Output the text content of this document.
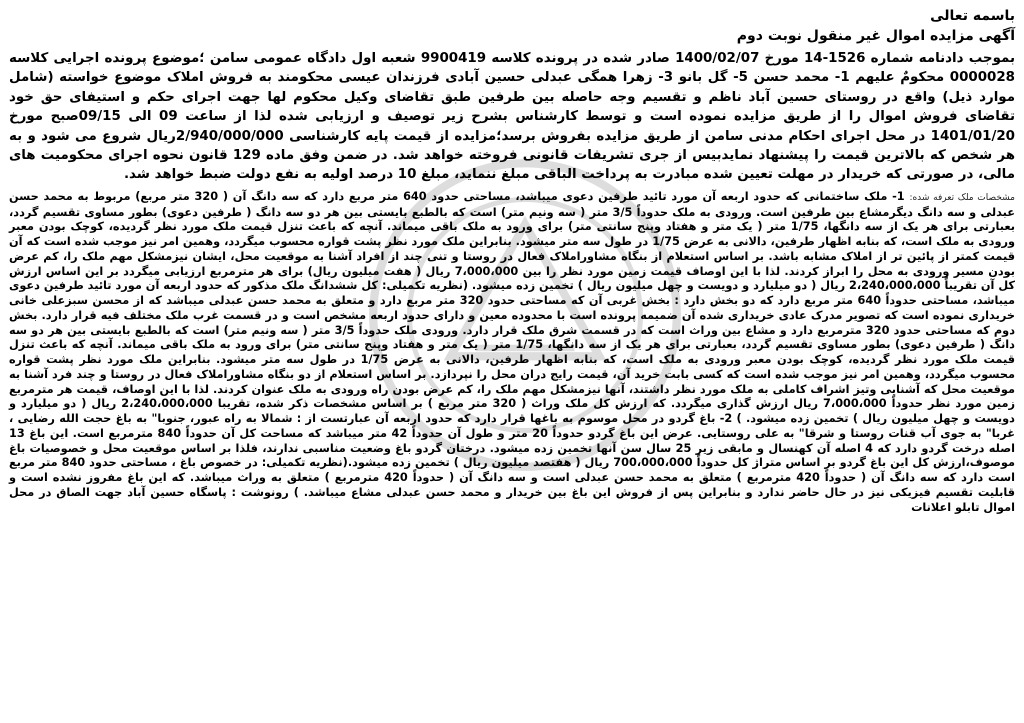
باسمه تعالی
آگهی مزایده اموال غیر منقول نوبت دوم
بموجب دادنامه شماره 1526-14 مورخ 1400/02/07 صادر شده در پرونده کلاسه 9900419 شعبه اول دادگاه عمومی سامن ؛موضوع پرونده اجرایی کلاسه 0000028 محکومٌ علیهم 1- محمد حسن 5- گل بانو 3- زهرا همگی عبدلی حسین آبادی فرزندان عیسی محکومند به فروش املاک موضوع خواسته (شامل موارد ذیل) واقع در روستای حسین آباد ناظم و تقسیم وجه حاصله بین طرفین طبق تقاضای وکیل محکوم لها جهت اجرای حکم و استیفای حق خود تقاضای فروش اموال را از طریق مزایده نموده است و توسط کارشناس بشرح زیر توصیف و ارزیابی شده لذا از ساعت 09 الی 09/15صبح مورخ 1401/01/20 در محل اجرای احکام مدنی سامن از طریق مزایده بفروش برسد؛مزایده از قیمت پایه کارشناسی 2/940/000/000ریال شروع می شود و به هر شخص که بالاترین قیمت را پیشنهاد نمایدبیس از جری تشریفات قانونی فروخته خواهد شد. در ضمن وفق ماده 129 قانون نحوه اجرای محکومیت های مالی، در صورتی که خریدار در مهلت تعیین شده مبادرت به پرداخت الباقی مبلغ ننماید، مبلغ 10 درصد اولیه به نفع دولت ضبط خواهد شد.
مشخصات ملک تعرفه شده: 1- ملک ساختمانی که حدود اربعه آن مورد تائید طرفین دعوی میباشد، مساحتی حدود 640 متر مربع دارد که سه دانگ آن ( 320 متر مربع) مربوط به محمد حسن عبدلی و سه دانگ دیگرمشاع بین طرفین است. ورودی به ملک حدوداً 3/5 متر ( سه ونیم متر) است که بالطبع بایستی بین هر دو سه دانگ ( طرفین دعوی) بطور مساوی تقسیم گردد، بعبارتی برای هر یک از سه دانگها، 1/75 متر ( یک متر و هفتاد وپنج سانتی متر) برای ورود به ملک باقی میماند. آنچه که باعث تنزل قیمت ملک مورد نظر گردیده، کوچک بودن معبر ورودی به ملک است، که بنابه اظهار طرفین، دالانی به عرض 1/75 در طول سه متر میشود. بنابراین ملک مورد نظر پشت قواره محسوب میگردد، وهمین امر نیز موجب شده است که آن قیمت کمتر از پائین تر از املاک مشابه باشد. بر اساس استعلام از بنگاه مشاوراملاک فعال در روستا و تنی چند از افراد آشنا به موقعیت محل، ایشان نیزمشکل مهم ملک را، کم عرض بودن مسیر ورودی به محل را ابراز کردند. لذا با این اوصاف قیمت زمین مورد نظر را بین 7،000،000 ریال ( هفت میلیون ریال) برای هر مترمربع ارزیابی میگردد بر این اساس ارزش کل آن تقریباً 2،240،000،000 ریال ( دو میلیارد و دویست و چهل میلیون ریال ) تخمین زده میشود. (نظریه تکمیلی: کل ششدانگ ملک مذکور که حدود اربعه آن مورد تائید طرفین دعوی میباشد، مساحتی حدوداً 640 متر مربع دارد که دو بخش دارد : بخش غربی آن که مساحتی حدود 320 متر مربع دارد و متعلق به محمد حسن عبدلی میباشد که از محسن سبزعلی خانی خریداری نموده است که تصویر مدرک عادی خریداری شده آن ضمیمه پرونده است با محدوده معین و دارای حدود اربعه مشخص است و در قسمت غرب ملک مختلف فیه قرار دارد. بخش دوم که مساحتی حدود 320 مترمربع دارد و مشاع بین وراث است که در قسمت شرق ملک قرار دارد. ورودی ملک حدوداً 3/5 متر ( سه ونیم متر) است که بالطبع بایستی بین هر دو سه دانگ ( طرفین دعوی) بطور مساوی تقسیم گردد، بعبارتی برای هر یک از سه دانگها، 1/75 متر ( یک متر و هفتاد وپنج سانتی متر) برای ورود به ملک باقی میماند. آنچه که باعث تنزل قیمت ملک مورد نظر گردیده، کوچک بودن معبر ورودی به ملک است، که بنابه اظهار طرفین، دالانی به عرض 1/75 در طول سه متر میشود. بنابراین ملک مورد نظر پشت قواره محسوب میگردد، وهمین امر نیز موجب شده است که کسی بابت خرید آن، قیمت رایج دران محل را نپردازد. بر اساس استعلام از دو بنگاه مشاوراملاک فعال در روستا و چند فرد آشنا به موقعیت محل که آشنایی وتیز اشراف کاملی به ملک مورد نظر داشتند، آنها نیزمشکل مهم ملک را، کم عرض بودن راه ورودی به ملک عنوان کردند. لذا با این اوصاف، قیمت هر مترمربع زمین مورد نظر حدوداً 7،000،000 ریال ارزش گذاری میگردد. که ارزش کل ملک وراث ( 320 متر مربع ) بر اساس مشخصات ذکر شده، تقریبا 2،240،000،000 ریال ( دو میلیارد و دویست و چهل میلیون ریال ) تخمین زده میشود. ) 2- باغ گردو در محل موسوم به باغها قرار دارد که حدود اربعه آن عبارتست از : شمالا به راه عبور، جنوبا" به باغ حجت الله رضایی ، غربا" به جوی آب قنات روستا و شرقا" به علی روستایی. عرض این باغ گردو حدوداً 20 متر و طول آن حدوداً 42 متر میباشد که مساحت کل آن حدوداً 840 مترمربع است. این باغ 13 اصله درخت گردو دارد که 4 اصله آن کهنسال و مابقی زیر 25 سال سن آنها تخمین زده میشود. درختان گردو باغ وضعیت مناسبی ندارند، فلذا بر اساس موقعیت محل و خصوصیات باغ موصوف،ارزش کل این باغ گردو بر اساس متراژ کل حدوداً 700،000،000 ریال ( هفتصد میلیون ریال ) تخمین زده میشود.(نظریه تکمیلی: در خصوص باغ ، مساحتی حدود 840 متر مربع است دارد که سه دانگ آن ( حدوداً 420 مترمربع ) متعلق به محمد حسن عبدلی است و سه دانگ آن ( حدوداً 420 مترمربع ) متعلق به وراث میباشد. که این باغ مفروز نشده است و قابلیت تقسیم فیزیکی نیز در حال حاضر ندارد و بنابراین پس از فروش این باغ بین خریدار و محمد حسن عبدلی مشاع میباشد. ) رونوشت : پاسگاه حسین آباد جهت الصاق در محل اموال تابلو اعلانات
